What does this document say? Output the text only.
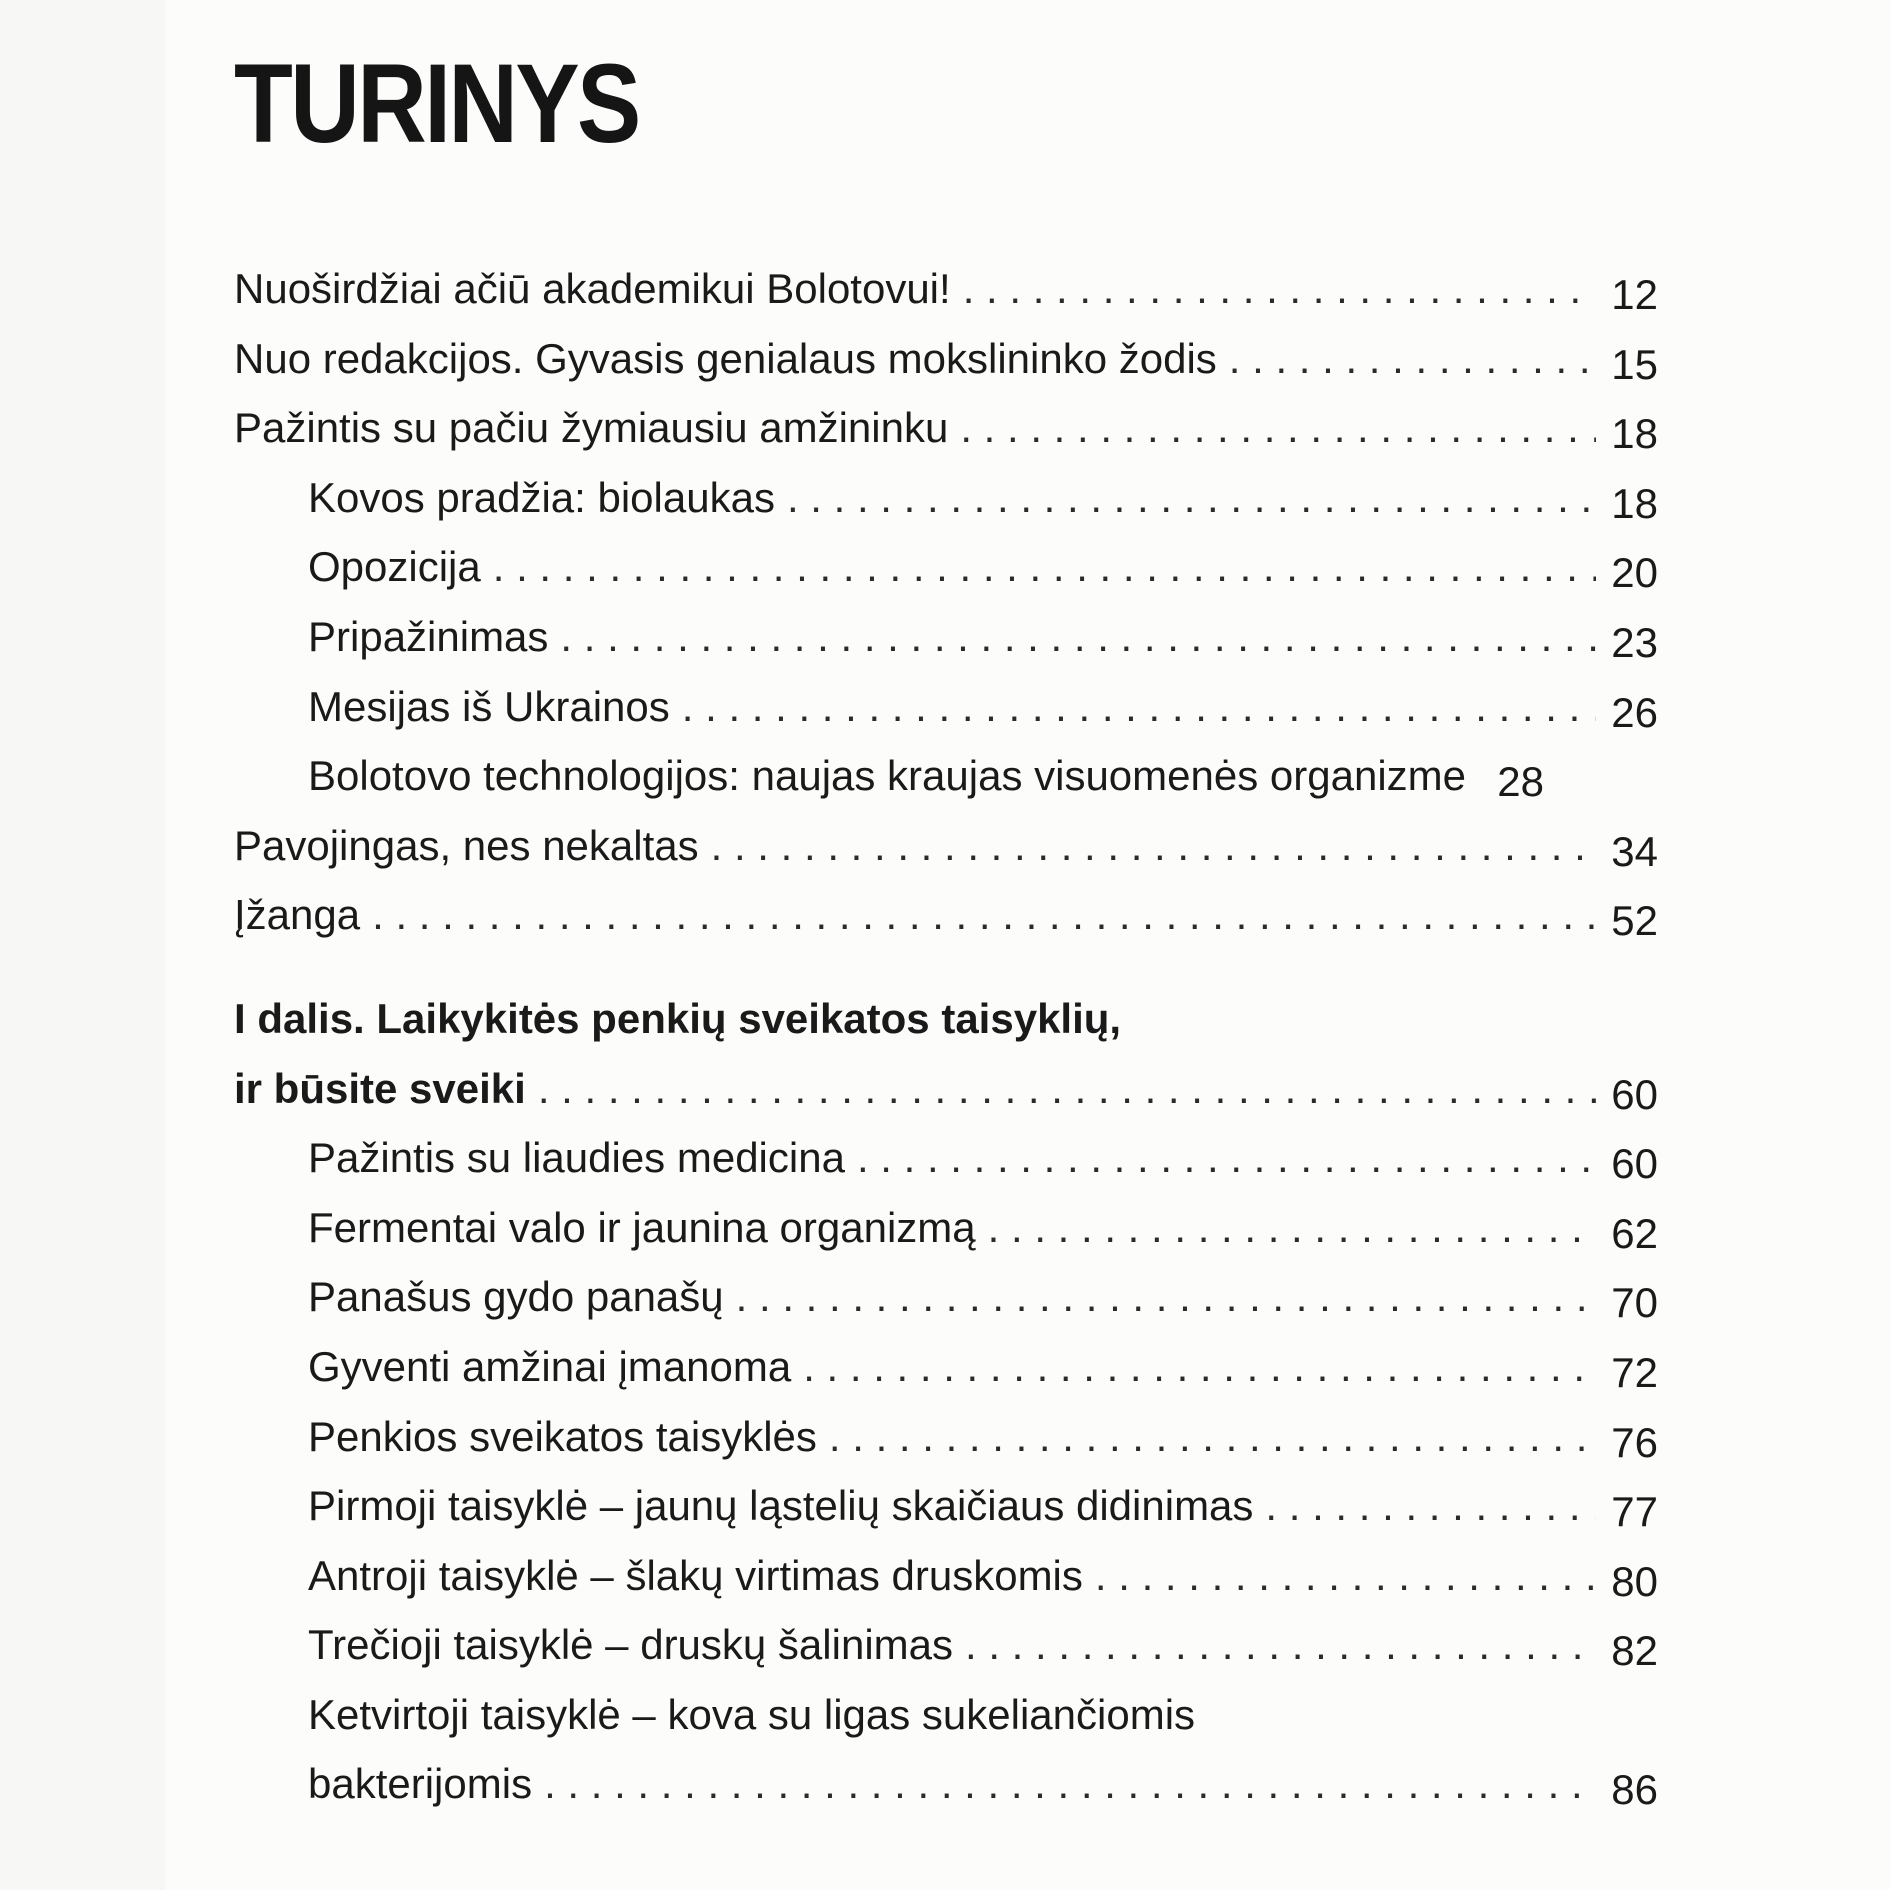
TURINYS
Nuoširdžiai ačiū akademikui Bolotovui! . . .	12
Nuo redakcijos. Gyvasis genialaus mokslininko žodis . . .	15
Pažintis su pačiu žymiausiu amžininku . . .	18
Kovos pradžia: biolaukas . . .	18
Opozicija . . .	20
Pripažinimas . . .	23
Mesijas iš Ukrainos . . .	26
Bolotovo technologijos: naujas kraujas visuomenės organizme 28
Pavojingas, nes nekaltas . . .	34
Įžanga . . .	52
I dalis. Laikykitės penkių sveikatos taisyklių,
ir būsite sveiki . . .	60
Pažintis su liaudies medicina . . .	60
Fermentai valo ir jaunina organizmą . . .	62
Panašus gydo panašų . . .	70
Gyventi amžinai įmanoma . . .	72
Penkios sveikatos taisyklės . . .	76
Pirmoji taisyklė – jaunų ląstelių skaičiaus didinimas . . .	77
Antroji taisyklė – šlakų virtimas druskomis . . .	80
Trečioji taisyklė – druskų šalinimas . . .	82
Ketvirtoji taisyklė – kova su ligas sukeliančiomis
bakterijomis . . .	86
